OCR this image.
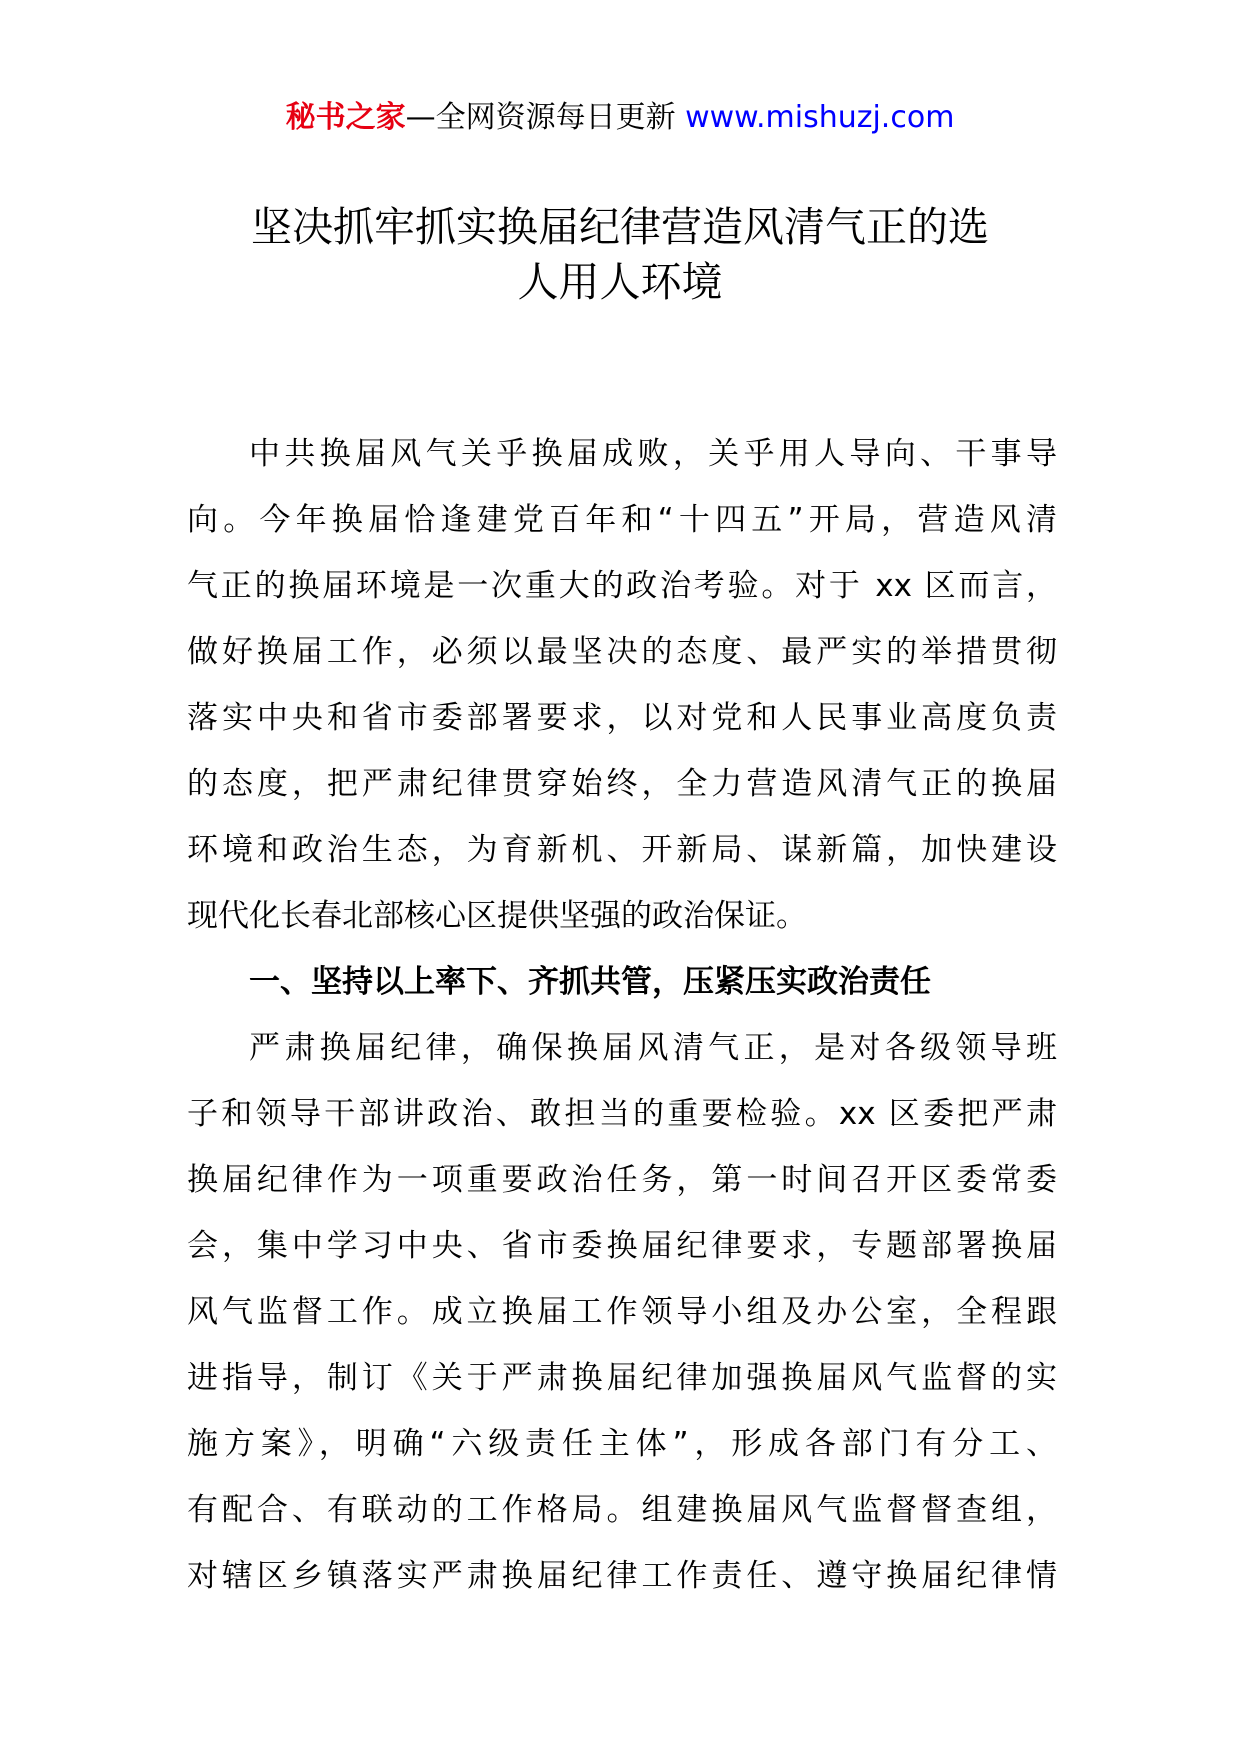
秘书之家—全网资源每日更新 www.mishuzj.com
坚决抓牢抓实换届纪律营造风清气正的选
人用人环境
中共换届风气关乎换届成败，关乎用人导向、干事导
向。今年换届恰逢建党百年和“十四五”开局，营造风清
气正的换届环境是一次重大的政治考验。对于 xx 区而言，
做好换届工作，必须以最坚决的态度、最严实的举措贯彻
落实中央和省市委部署要求，以对党和人民事业高度负责
的态度，把严肃纪律贯穿始终，全力营造风清气正的换届
环境和政治生态，为育新机、开新局、谋新篇，加快建设
现代化长春北部核心区提供坚强的政治保证。
一、坚持以上率下、齐抓共管，压紧压实政治责任
严肃换届纪律，确保换届风清气正，是对各级领导班
子和领导干部讲政治、敢担当的重要检验。xx 区委把严肃
换届纪律作为一项重要政治任务，第一时间召开区委常委
会，集中学习中央、省市委换届纪律要求，专题部署换届
风气监督工作。成立换届工作领导小组及办公室，全程跟
进指导，制订《关于严肃换届纪律加强换届风气监督的实
施方案》，明确“六级责任主体”，形成各部门有分工、
有配合、有联动的工作格局。组建换届风气监督督查组，
对辖区乡镇落实严肃换届纪律工作责任、遵守换届纪律情
